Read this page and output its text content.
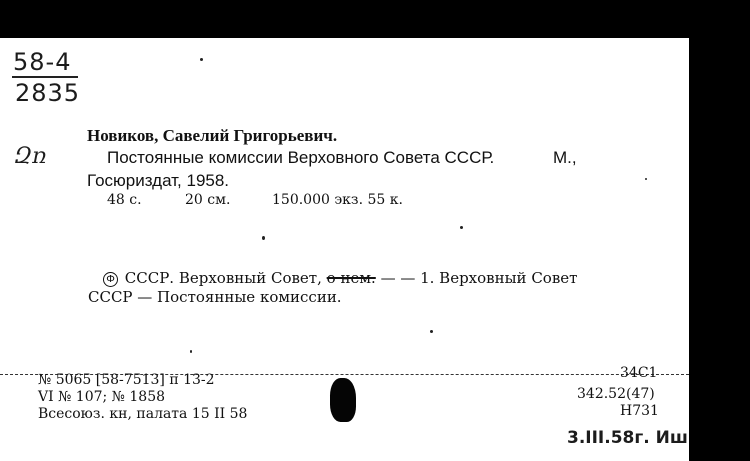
58-4
2835
Զռ
Новиков, Савелий Григорьевич.
Постоянные комиссии Верховного Совета СССР.	М.,
Госюриздат, 1958.
48 с.	20 см.	150.000 экз. 55 к.
Ф СССР. Верховный Совет, о нем. — — 1. Верховный Совет
СССР — Постоянные комиссии.
№ 5065 [58-7513] п 13-2
VI № 107; № 1858
Всесоюз. кн, палата 15 II 58
34С1
342.52(47)
Н731
3.III.58г. Иш
